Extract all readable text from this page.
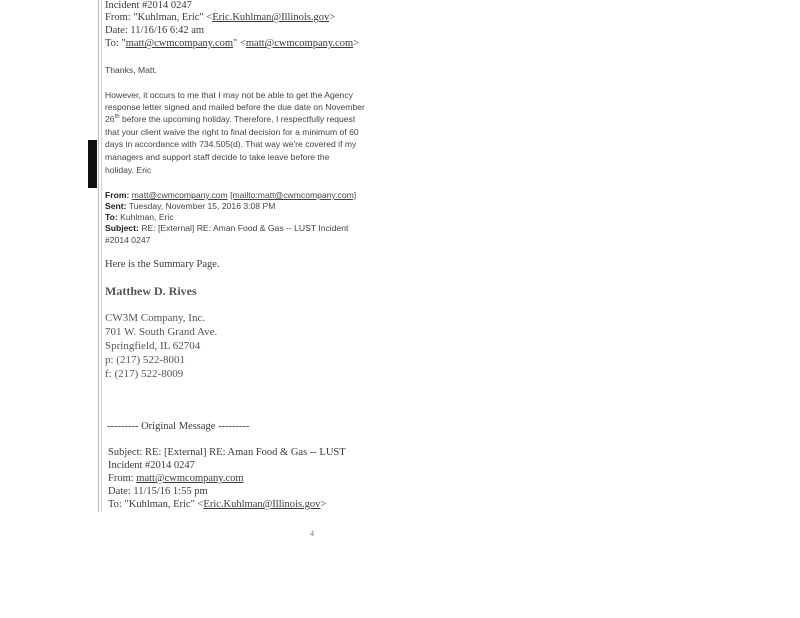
Incident #2014 0247
From: "Kuhlman, Eric" <Eric.Kuhlman@Illinois.gov>
Date: 11/16/16 6:42 am
To: "matt@cwmcompany.com" <matt@cwmcompany.com>
Thanks, Matt.
However, it occurs to me that I may not be able to get the Agency
response letter signed and mailed before the due date on November
26th before the upcoming holiday. Therefore, I respectfully request
that your client waive the right to final decision for a minimum of 60
days in accordance with 734.505(d). That way we're covered if my
managers and support staff decide to take leave before the
holiday. Eric
From: matt@cwmcompany.com [mailto:matt@cwmcompany.com]
Sent: Tuesday, November 15, 2016 3:08 PM
To: Kuhlman, Eric
Subject: RE: [External] RE: Aman Food & Gas -- LUST Incident
#2014 0247
Here is the Summary Page.
Matthew D. Rives
CW3M Company, Inc.
701 W. South Grand Ave.
Springfield, IL 62704
p: (217) 522-8001
f: (217) 522-8009
--------- Original Message ---------
Subject: RE: [External] RE: Aman Food & Gas -- LUST
Incident #2014 0247
From: matt@cwmcompany.com
Date: 11/15/16 1:55 pm
To: "Kuhlman, Eric" <Eric.Kuhlman@Illinois.gov>
4
